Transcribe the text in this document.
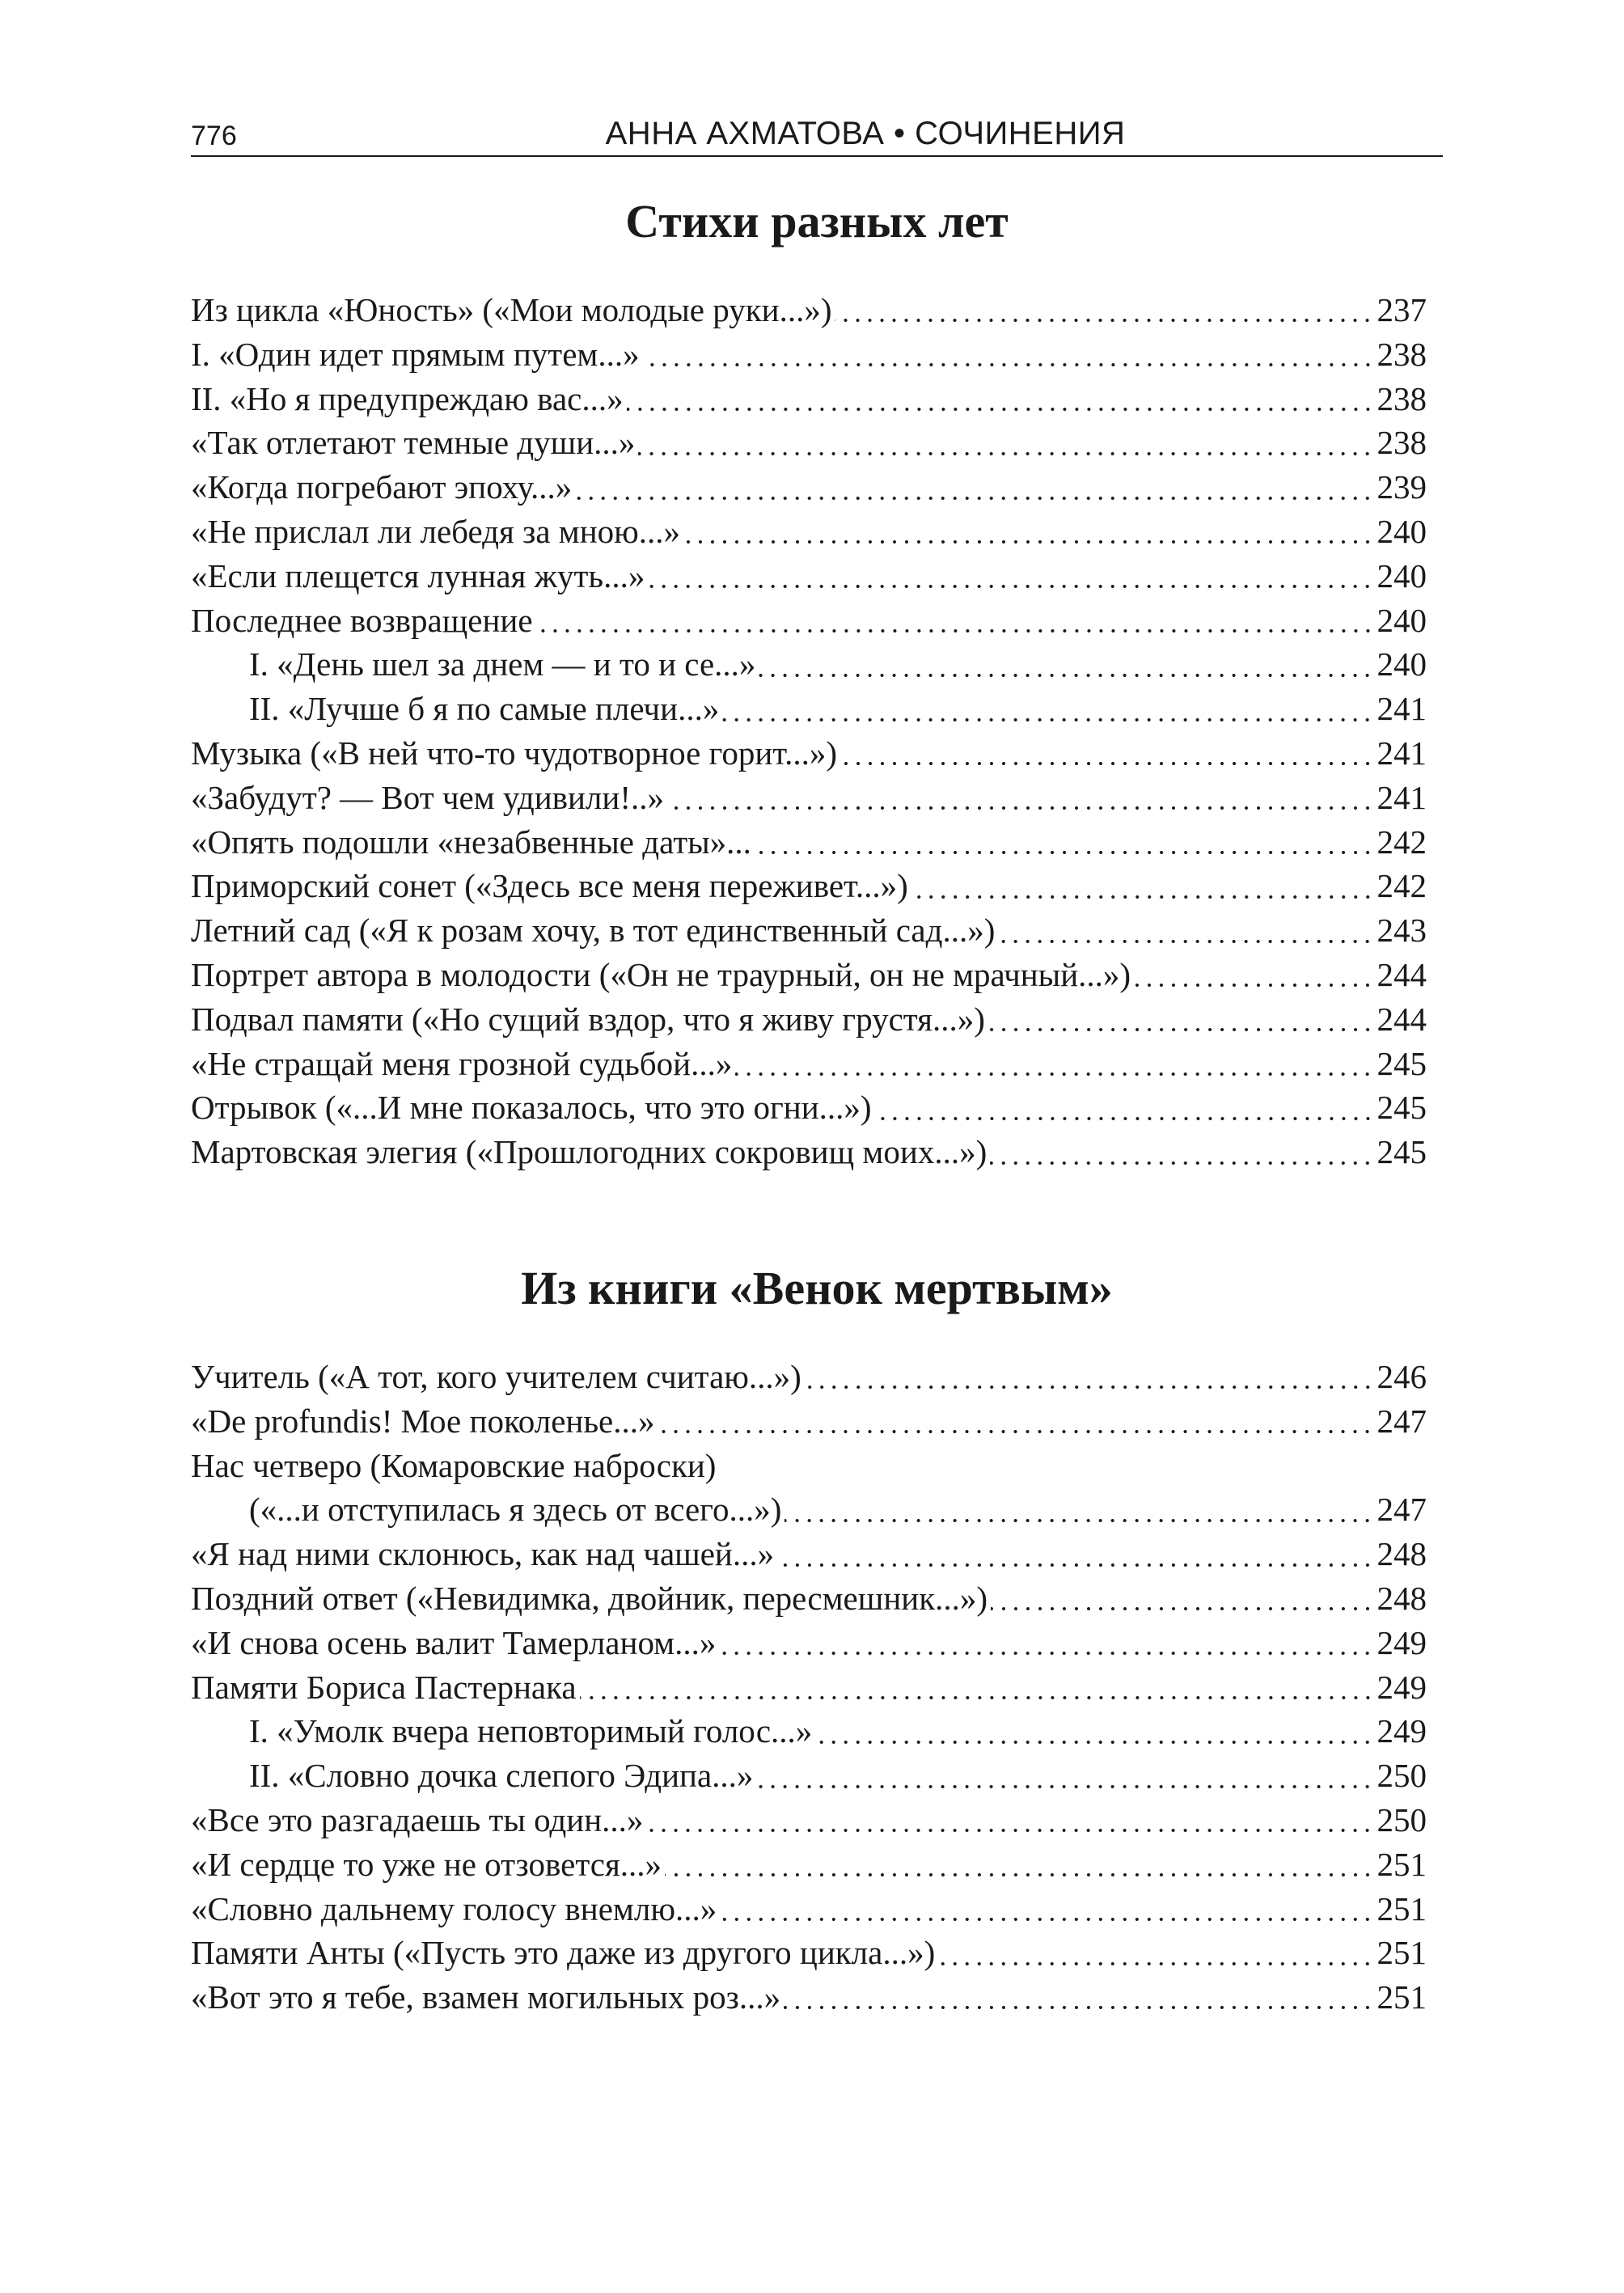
776	АННА АХМАТОВА • СОЧИНЕНИЯ
Стихи разных лет
Из цикла «Юность» («Мои молодые руки...»)	237
I. «Один идет прямым путем...»	238
II. «Но я предупреждаю вас...»	238
«Так отлетают темные души...»	238
«Когда погребают эпоху...»	239
«Не прислал ли лебедя за мною...»	240
«Если плещется лунная жуть...»	240
Последнее возвращение	240
I. «День шел за днем — и то и се...»	240
II. «Лучше б я по самые плечи...»	241
Музыка («В ней что-то чудотворное горит...»)	241
«Забудут? — Вот чем удивили!..»	241
«Опять подошли «незабвенные даты»...	242
Приморский сонет («Здесь все меня переживет...»)	242
Летний сад («Я к розам хочу, в тот единственный сад...»)	243
Портрет автора в молодости («Он не траурный, он не мрачный...»)	244
Подвал памяти («Но сущий вздор, что я живу грустя...»)	244
«Не стращай меня грозной судьбой...»	245
Отрывок («...И мне показалось, что это огни...»)	245
Мартовская элегия («Прошлогодних сокровищ моих...»)	245
Из книги «Венок мертвым»
Учитель («А тот, кого учителем считаю...»)	246
«De profundis! Мое поколенье...»	247
Нас четверо (Комаровские наброски)
(«...и отступилась я здесь от всего...»)	247
«Я над ними склонюсь, как над чашей...»	248
Поздний ответ («Невидимка, двойник, пересмешник...»)	248
«И снова осень валит Тамерланом...»	249
Памяти Бориса Пастернака	249
I. «Умолк вчера неповторимый голос...»	249
II. «Словно дочка слепого Эдипа...»	250
«Все это разгадаешь ты один...»	250
«И сердце то уже не отзовется...»	251
«Словно дальнему голосу внемлю...»	251
Памяти Анты («Пусть это даже из другого цикла...»)	251
«Вот это я тебе, взамен могильных роз...»	251
